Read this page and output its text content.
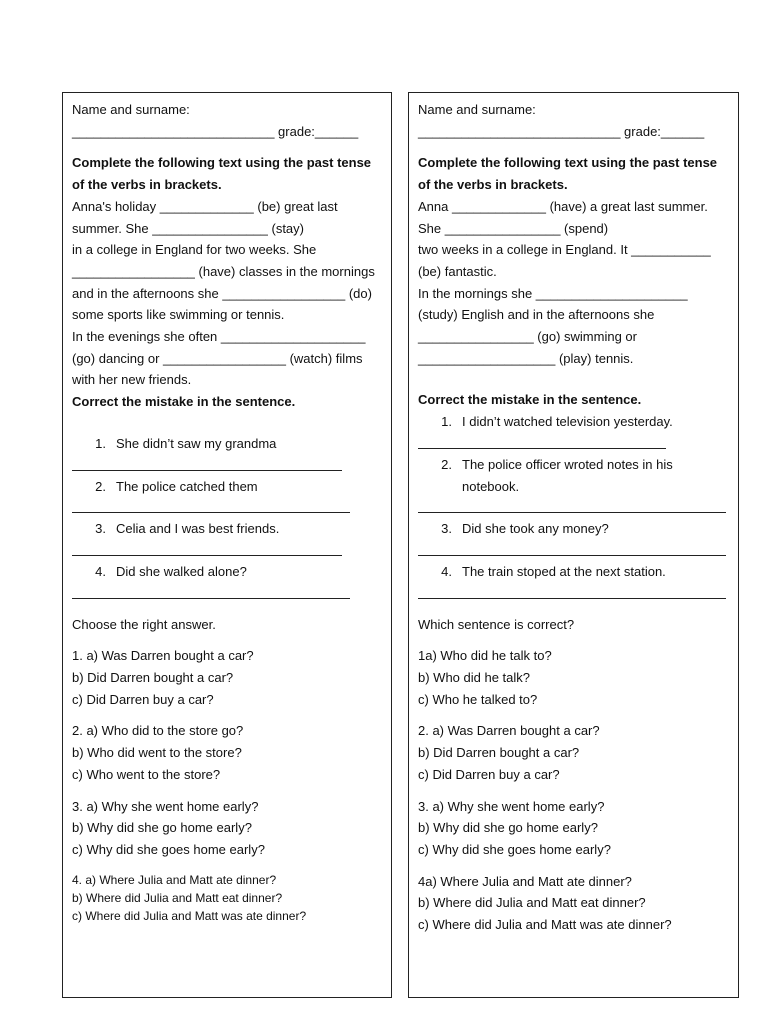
Name and surname:
____________________________ grade:______
Complete the following text using the past tense
of the verbs in brackets.
Anna's holiday _____________ (be) great last
summer. She ________________ (stay)
in a college in England for two weeks. She
_________________ (have) classes in the mornings
and in the afternoons she _________________ (do)
some sports like swimming or tennis.
In the evenings she often ____________________
(go) dancing or _________________ (watch) films
with her new friends.
Correct the mistake in the sentence.
1. She didn’t saw my grandma
2. The police catched them
3. Celia and I was best friends.
4. Did she walked alone?
Choose the right answer.
1. a) Was Darren bought a car?
b) Did Darren bought a car?
c) Did Darren buy a car?
2. a) Who did to the store go?
b) Who did went to the store?
c) Who went to the store?
3. a) Why she went home early?
b) Why did she go home early?
c) Why did she goes home early?
4. a) Where Julia and Matt ate dinner?
b) Where did Julia and Matt eat dinner?
c) Where did Julia and Matt was ate dinner?
Name and surname:
____________________________ grade:______
Complete the following text using the past tense
of the verbs in brackets.
Anna _____________ (have) a great last summer.
She ________________ (spend)
two weeks in a college in England. It ___________
(be) fantastic.
In the mornings she _____________________
(study) English and in the afternoons she
________________ (go) swimming or
___________________ (play) tennis.
Correct the mistake in the sentence.
1. I didn’t watched television yesterday.
2. The police officer wroted notes in his notebook.
3. Did she took any money?
4. The train stoped at the next station.
Which sentence is correct?
1a) Who did he talk to?
b) Who did he talk?
c) Who he talked to?
2. a) Was Darren bought a car?
b) Did Darren bought a car?
c) Did Darren buy a car?
3. a) Why she went home early?
b) Why did she go home early?
c) Why did she goes home early?
4a) Where Julia and Matt ate dinner?
b) Where did Julia and Matt eat dinner?
c) Where did Julia and Matt was ate dinner?
